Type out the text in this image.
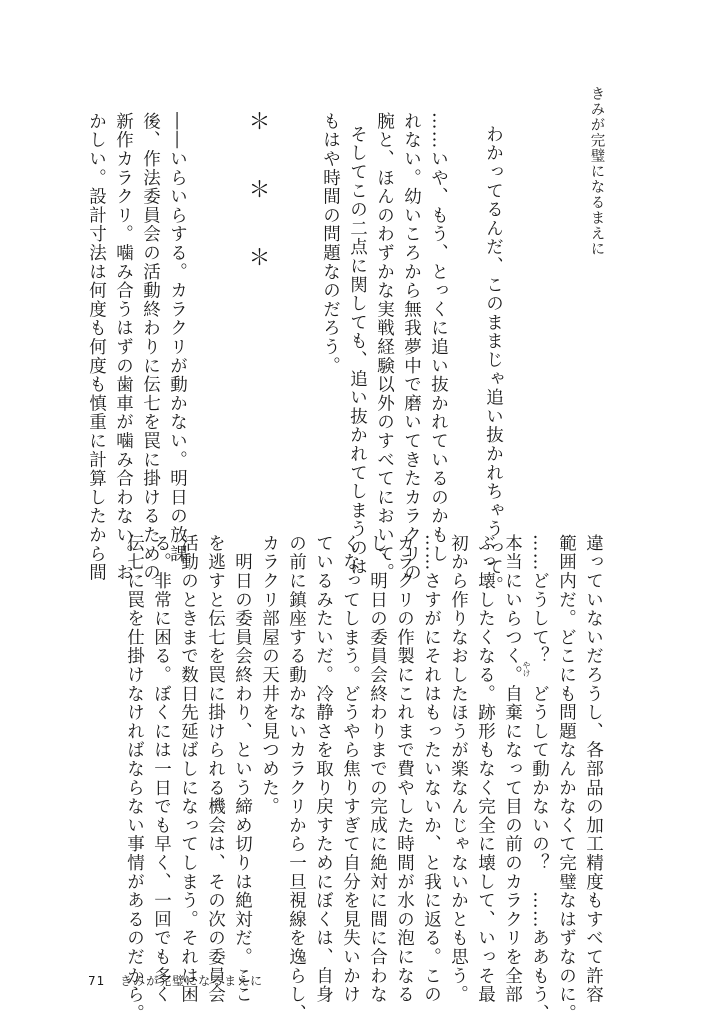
きみが完璧になるまえに
わかってるんだ、このままじゃ追い抜かれちゃうって。
……いや、もう、とっくに追い抜かれているのかもし
れない。幼いころから無我夢中で磨いてきたカラクリの
腕と、ほんのわずかな実戦経験以外のすべてにおいて。
そしてこの二点に関しても、追い抜かれてしまうのは
もはや時間の問題なのだろう。
＊　＊　＊
――いらいらする。カラクリが動かない。明日の放課
後、作法委員会の活動終わりに伝七を罠に掛けるための
新作カラクリ。噛み合うはずの歯車が噛み合わない。お
かしい。設計寸法は何度も何度も慎重に計算したから間
違っていないだろうし、各部品の加工精度もすべて許容
範囲内だ。どこにも問題なんかなくて完璧なはずなのに。
……どうして？　どうして動かないの？　……ああもう、
本当にいらつく。自棄になって目の前のカラクリを全部 やけ
ぶっ壊したくなる。跡形もなく完全に壊して、いっそ最
初から作りなおしたほうが楽なんじゃないかとも思う。
……さすがにそれはもったいないか、と我に返る。この
カラクリの作製にこれまで費やした時間が水の泡になる
し、明日の委員会終わりまでの完成に絶対に間に合わな
くなってしまう。どうやら焦りすぎて自分を見失いかけ
ているみたいだ。冷静さを取り戻すためにぼくは、自身
の前に鎮座する動かないカラクリから一旦視線を逸らし、
カラクリ部屋の天井を見つめた。
　明日の委員会終わり、という締め切りは絶対だ。ここ
を逃すと伝七を罠に掛けられる機会は、その次の委員会
活動のときまで数日先延ばしになってしまう。それは困
る。非常に困る。ぼくには一日でも早く、一回でも多く
伝七に罠を仕掛けなければならない事情があるのだから。
71 きみが完璧になるまえに
